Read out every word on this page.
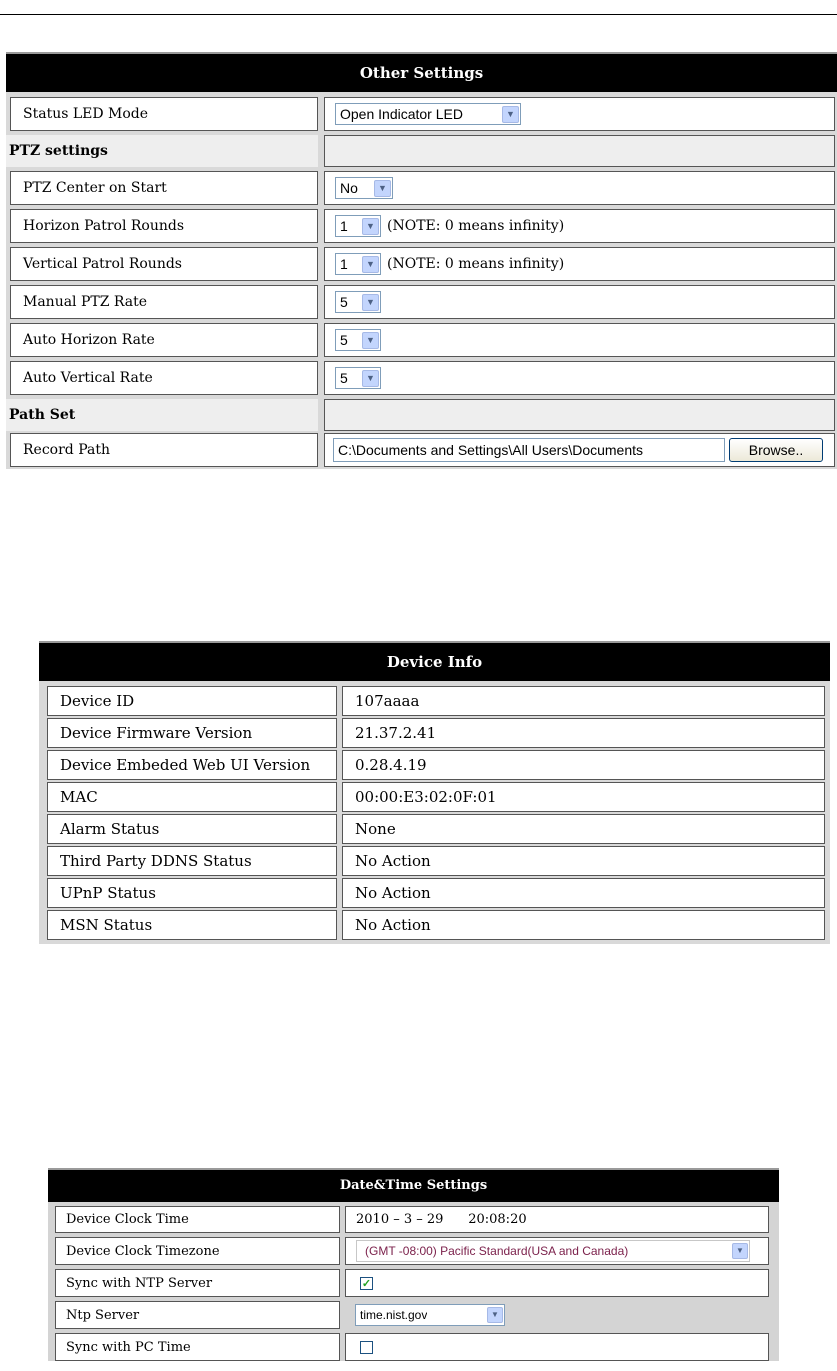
Other Settings
Status LED Mode	Open Indicator LED	▼
PTZ settings
PTZ Center on Start	No	▼
Horizon Patrol Rounds	1	▼ (NOTE: 0 means infinity)
Vertical Patrol Rounds	1	▼ (NOTE: 0 means infinity)
Manual PTZ Rate	5	▼
Auto Horizon Rate	5	▼
Auto Vertical Rate	5	▼
Path Set
Record Path	C:\Documents and Settings\All Users\Documents	Browse..
Device Info
Device ID	107aaaa
Device Firmware Version	21.37.2.41
Device Embeded Web UI Version	0.28.4.19
MAC	00:00:E3:02:0F:01
Alarm Status	None
Third Party DDNS Status	No Action
UPnP Status	No Action
MSN Status	No Action
Date&Time Settings
Device Clock Time	2010 – 3 – 29      20:08:20
Device Clock Timezone	(GMT -08:00) Pacific Standard(USA and Canada)	▼
Sync with NTP Server	✓
Ntp Server	time.nist.gov	▼
Sync with PC Time
